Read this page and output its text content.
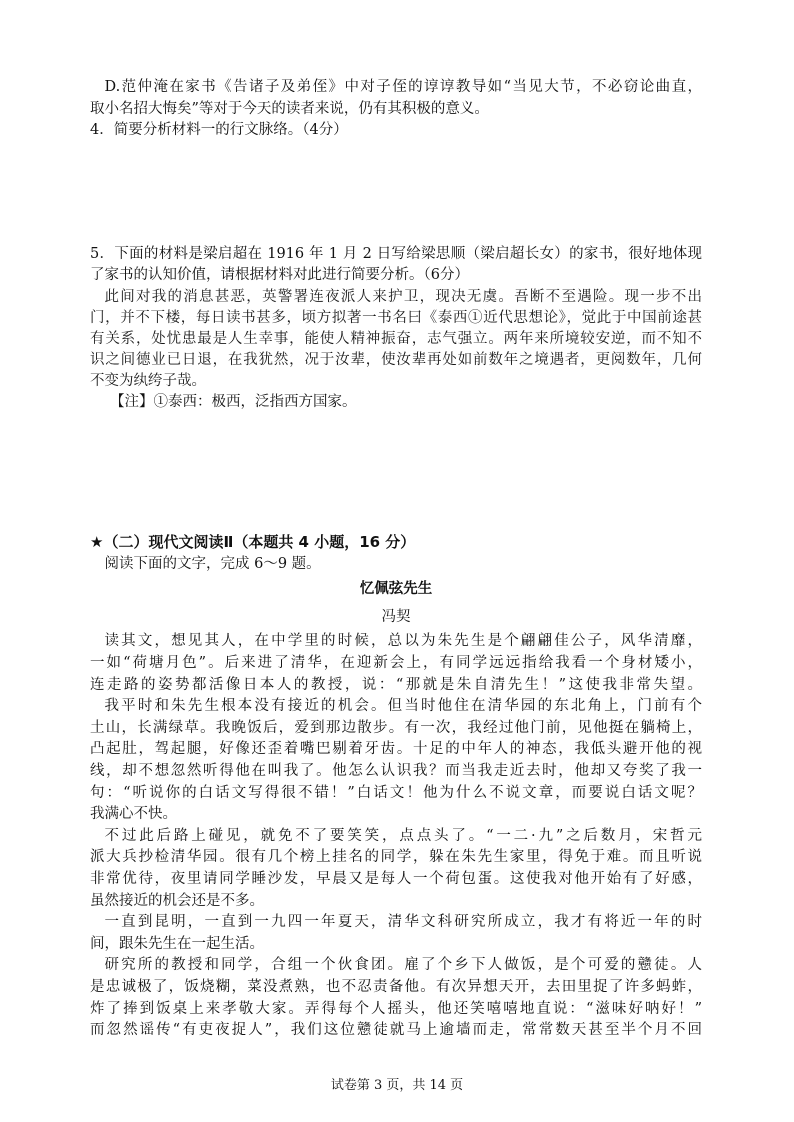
D.范仲淹在家书《告诸子及弟侄》中对子侄的谆谆教导如“当见大节，不必窃论曲直，
取小名招大悔矣”等对于今天的读者来说，仍有其积极的意义。
4．简要分析材料一的行文脉络。（4分）
5．下面的材料是梁启超在 1916 年 1 月 2 日写给梁思顺（梁启超长女）的家书，很好地体现
了家书的认知价值，请根据材料对此进行简要分析。（6分）
此间对我的消息甚恶，英警署连夜派人来护卫，现决无虞。吾断不至遇险。现一步不出
门，并不下楼，每日读书甚多，顷方拟著一书名曰《泰西①近代思想论》，觉此于中国前途甚
有关系，处忧患最是人生幸事，能使人精神振奋，志气强立。两年来所境较安逆，而不知不
识之间德业已日退，在我犹然，况于汝辈，使汝辈再处如前数年之境遇者，更阅数年，几何
不变为纨绔子哉。
【注】①泰西：极西，泛指西方国家。
★（二）现代文阅读Ⅱ（本题共 4 小题，16 分）
阅读下面的文字，完成 6～9 题。
忆佩弦先生
冯契
读其文，想见其人，在中学里的时候，总以为朱先生是个翩翩佳公子，风华清靡，
一如“荷塘月色”。后来进了清华，在迎新会上，有同学远远指给我看一个身材矮小，
连走路的姿势都活像日本人的教授，说：“那就是朱自清先生！”这使我非常失望。
我平时和朱先生根本没有接近的机会。但当时他住在清华园的东北角上，门前有个
土山，长满绿草。我晚饭后，爱到那边散步。有一次，我经过他门前，见他挺在躺椅上，
凸起肚，驾起腿，好像还歪着嘴巴剔着牙齿。十足的中年人的神态，我低头避开他的视
线，却不想忽然听得他在叫我了。他怎么认识我？而当我走近去时，他却又夸奖了我一
句：“听说你的白话文写得很不错！”白话文！他为什么不说文章，而要说白话文呢？
我满心不快。
不过此后路上碰见，就免不了要笑笑，点点头了。“一二·九”之后数月，宋哲元
派大兵抄检清华园。很有几个榜上挂名的同学，躲在朱先生家里，得免于难。而且听说
非常优待，夜里请同学睡沙发，早晨又是每人一个荷包蛋。这使我对他开始有了好感，
虽然接近的机会还是不多。
一直到昆明，一直到一九四一年夏天，清华文科研究所成立，我才有将近一年的时
间，跟朱先生在一起生活。
研究所的教授和同学，合组一个伙食团。雇了个乡下人做饭，是个可爱的戆徒。人
是忠诚极了，饭烧糊，菜没煮熟，也不忍责备他。有次异想天开，去田里捉了许多蚂蚱，
炸了捧到饭桌上来孝敬大家。弄得每个人摇头，他还笑嘻嘻地直说：“滋味好呐好！”
而忽然谣传“有吏夜捉人”，我们这位戆徒就马上逾墙而走，常常数天甚至半个月不回
试卷第 3 页，共 14 页
